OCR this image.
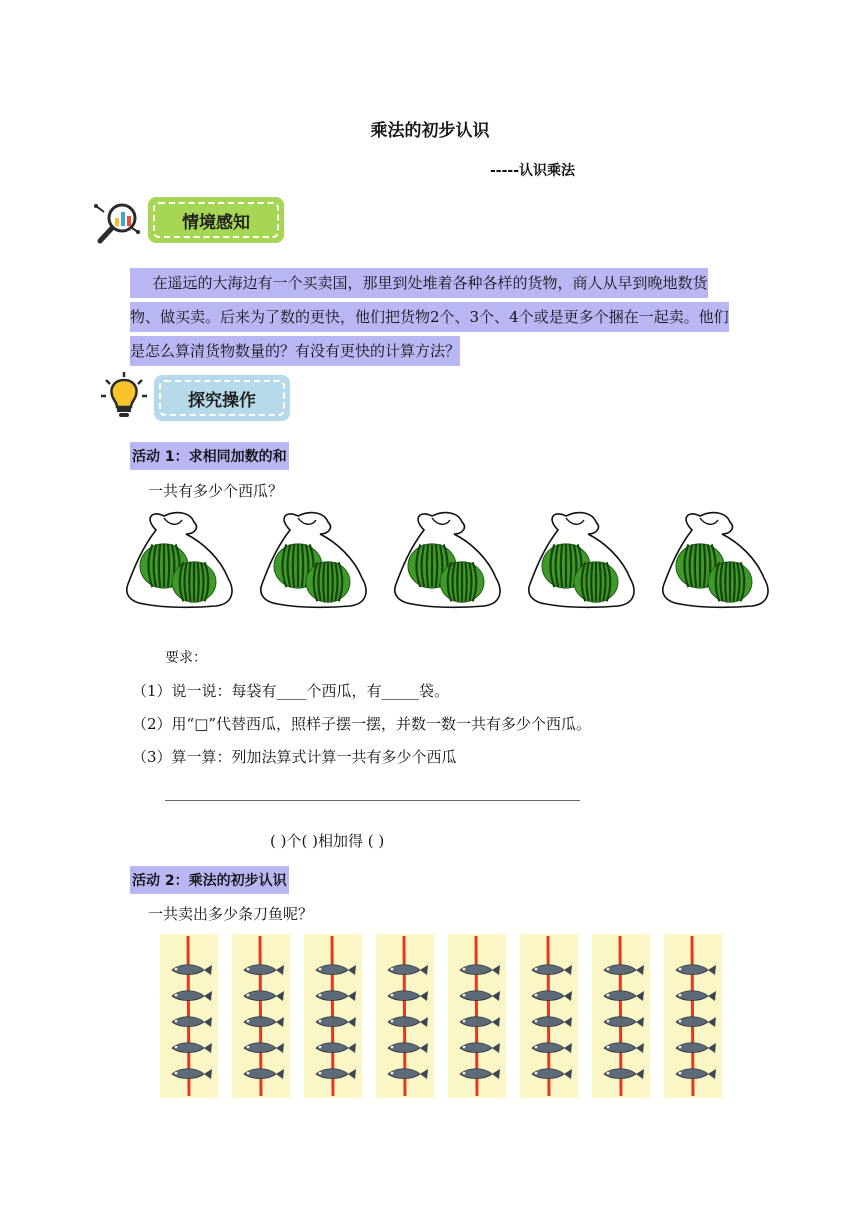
乘法的初步认识
-----认识乘法
情境感知
  在遥远的大海边有一个买卖国，那里到处堆着各种各样的货物，商人从早到晚地数货物、做买卖。后来为了数的更快，他们把货物2个、3个、4个或是更多个捆在一起卖。他们是怎么算清货物数量的？有没有更快的计算方法？
探究操作
活动 1：求相同加数的和
一共有多少个西瓜？
要求：
（1）说一说：每袋有____个西瓜，有_____袋。
（2）用“□”代替西瓜，照样子摆一摆，并数一数一共有多少个西瓜。
（3）算一算：列加法算式计算一共有多少个西瓜
( )个( )相加得 ( )
活动 2：乘法的初步认识
一共卖出多少条刀鱼呢？
